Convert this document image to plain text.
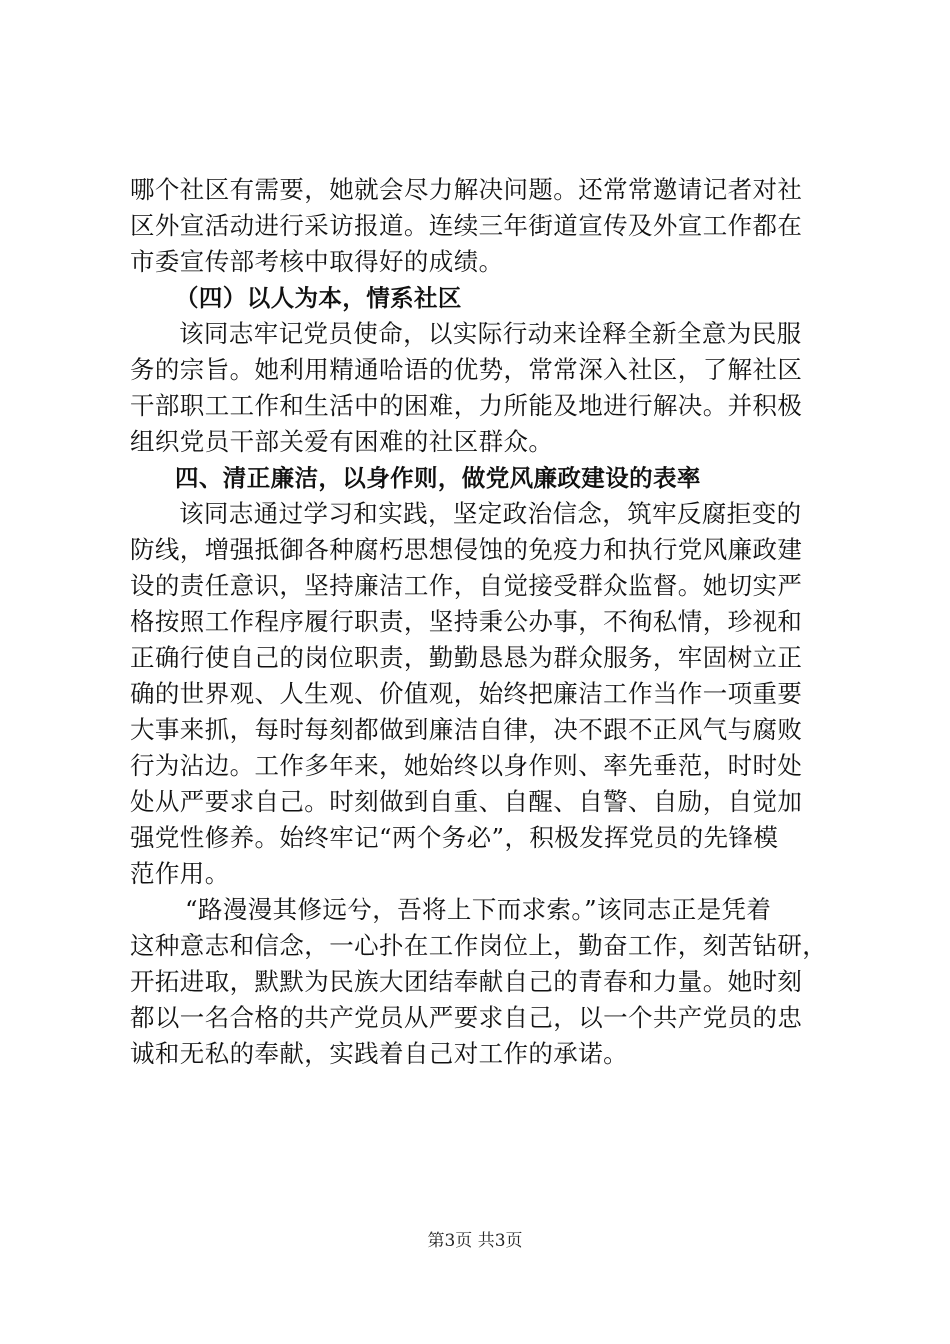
哪个社区有需要，她就会尽力解决问题。还常常邀请记者对社
区外宣活动进行采访报道。连续三年街道宣传及外宣工作都在
市委宣传部考核中取得好的成绩。
（四）以人为本，情系社区
该同志牢记党员使命，以实际行动来诠释全新全意为民服
务的宗旨。她利用精通哈语的优势，常常深入社区，了解社区
干部职工工作和生活中的困难，力所能及地进行解决。并积极
组织党员干部关爱有困难的社区群众。
四、清正廉洁，以身作则，做党风廉政建设的表率
该同志通过学习和实践，坚定政治信念，筑牢反腐拒变的
防线，增强抵御各种腐朽思想侵蚀的免疫力和执行党风廉政建
设的责任意识，坚持廉洁工作，自觉接受群众监督。她切实严
格按照工作程序履行职责，坚持秉公办事，不徇私情，珍视和
正确行使自己的岗位职责，勤勤恳恳为群众服务，牢固树立正
确的世界观、人生观、价值观，始终把廉洁工作当作一项重要
大事来抓，每时每刻都做到廉洁自律，决不跟不正风气与腐败
行为沾边。工作多年来，她始终以身作则、率先垂范，时时处
处从严要求自己。时刻做到自重、自醒、自警、自励，自觉加
强党性修养。始终牢记“两个务必”，积极发挥党员的先锋模
范作用。
“路漫漫其修远兮，吾将上下而求索。”该同志正是凭着
这种意志和信念，一心扑在工作岗位上，勤奋工作，刻苦钻研，
开拓进取，默默为民族大团结奉献自己的青春和力量。她时刻
都以一名合格的共产党员从严要求自己，以一个共产党员的忠
诚和无私的奉献，实践着自己对工作的承诺。
第3页 共3页
